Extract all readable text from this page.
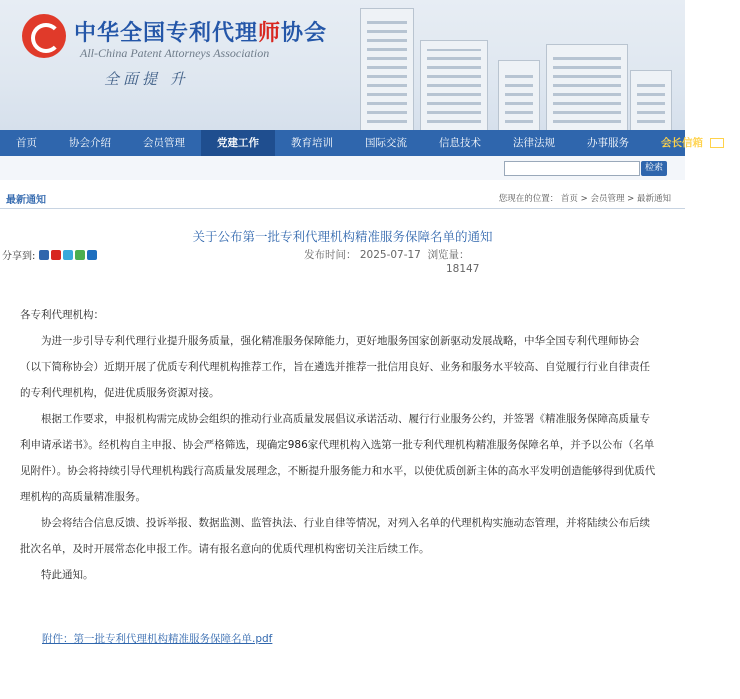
中华全国专利代理师协会
All-China Patent Attorneys Association
全面提 升
首页	协会介绍	会员管理	党建工作	教育培训	国际交流	信息技术	法律法规	办事服务	会长信箱
检索
最新通知	您现在的位置： 首页 > 会员管理 > 最新通知
关于公布第一批专利代理机构精准服务保障名单的通知
分享到:	发布时间： 2025-07-17 浏览量：
18147

各专利代理机构：

为进一步引导专利代理行业提升服务质量，强化精准服务保障能力，更好地服务国家创新驱动发展战略，中华全国专利代理师协会（以下简称协会）近期开展了优质专利代理机构推荐工作，旨在遴选并推荐一批信用良好、业务和服务水平较高、自觉履行行业自律责任的专利代理机构，促进优质服务资源对接。

根据工作要求，申报机构需完成协会组织的推动行业高质量发展倡议承诺活动、履行行业服务公约，并签署《精准服务保障高质量专利申请承诺书》。经机构自主申报、协会严格筛选，现确定986家代理机构入选第一批专利代理机构精准服务保障名单，并予以公布（名单见附件）。协会将持续引导代理机构践行高质量发展理念，不断提升服务能力和水平，以使优质创新主体的高水平发明创造能够得到优质代理机构的高质量精准服务。

协会将结合信息反馈、投诉举报、数据监测、监管执法、行业自律等情况，对列入名单的代理机构实施动态管理，并将陆续公布后续批次名单，及时开展常态化申报工作。请有报名意向的优质代理机构密切关注后续工作。

特此通知。

附件：第一批专利代理机构精准服务保障名单.pdf
